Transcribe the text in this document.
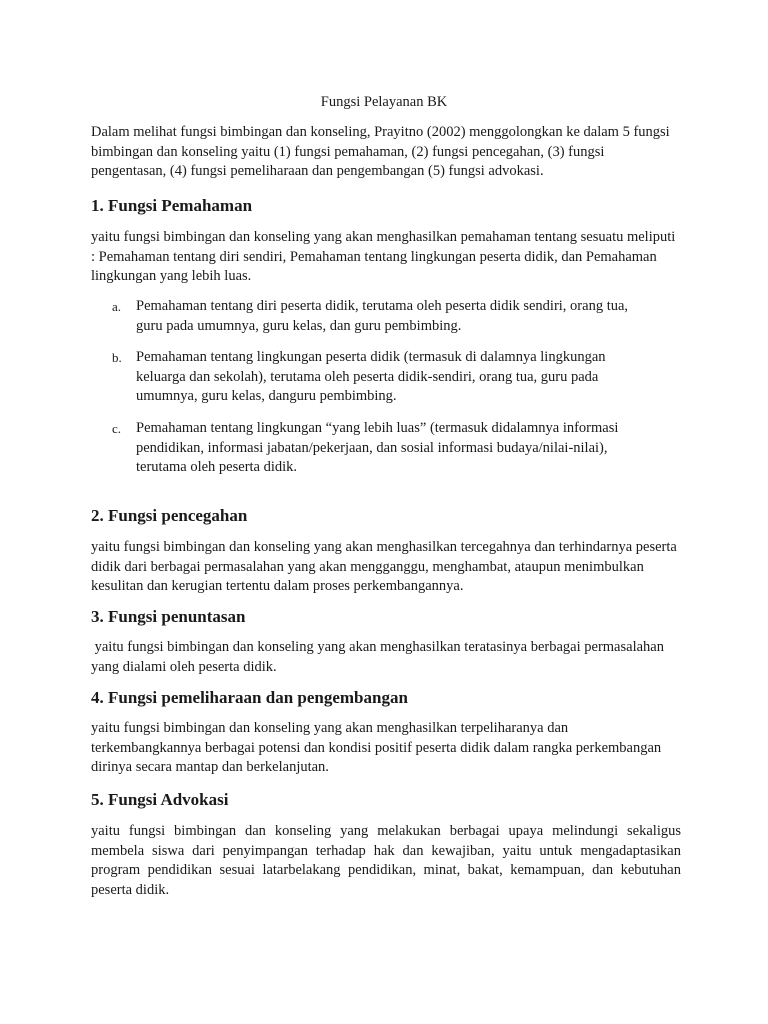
Fungsi Pelayanan BK

Dalam melihat fungsi bimbingan dan konseling, Prayitno (2002) menggolongkan ke dalam 5 fungsi bimbingan dan konseling yaitu (1) fungsi pemahaman, (2) fungsi pencegahan, (3) fungsi pengentasan, (4) fungsi pemeliharaan dan pengembangan (5) fungsi advokasi.

1. Fungsi Pemahaman

yaitu fungsi bimbingan dan konseling yang akan menghasilkan pemahaman tentang sesuatu meliputi : Pemahaman tentang diri sendiri, Pemahaman tentang lingkungan peserta didik, dan Pemahaman lingkungan yang lebih luas.

a.	Pemahaman tentang diri peserta didik, terutama oleh peserta didik sendiri, orang tua, guru pada umumnya, guru kelas, dan guru pembimbing.
b. Pemahaman tentang lingkungan peserta didik (termasuk di dalamnya lingkungan keluarga dan sekolah), terutama oleh peserta didik-sendiri, orang tua, guru pada umumnya, guru kelas, danguru pembimbing.
c.	Pemahaman tentang lingkungan “yang lebih luas” (termasuk didalamnya informasi pendidikan, informasi jabatan/pekerjaan, dan sosial informasi budaya/nilai-nilai), terutama oleh peserta didik.
2. Fungsi pencegahan

yaitu fungsi bimbingan dan konseling yang akan menghasilkan tercegahnya dan terhindarnya peserta didik dari berbagai permasalahan yang akan mengganggu, menghambat, ataupun menimbulkan kesulitan dan kerugian tertentu dalam proses perkembangannya.

3. Fungsi penuntasan

yaitu fungsi bimbingan dan konseling yang akan menghasilkan teratasinya berbagai permasalahan yang dialami oleh peserta didik.

4. Fungsi pemeliharaan dan pengembangan

yaitu fungsi bimbingan dan konseling yang akan menghasilkan terpeliharanya dan terkembangkannya berbagai potensi dan kondisi positif peserta didik dalam rangka perkembangan dirinya secara mantap dan berkelanjutan.

5. Fungsi Advokasi

yaitu fungsi bimbingan dan konseling yang melakukan berbagai upaya melindungi sekaligus membela siswa dari penyimpangan terhadap hak dan kewajiban, yaitu untuk mengadaptasikan program pendidikan sesuai latarbelakang pendidikan, minat, bakat, kemampuan, dan kebutuhan peserta didik.
